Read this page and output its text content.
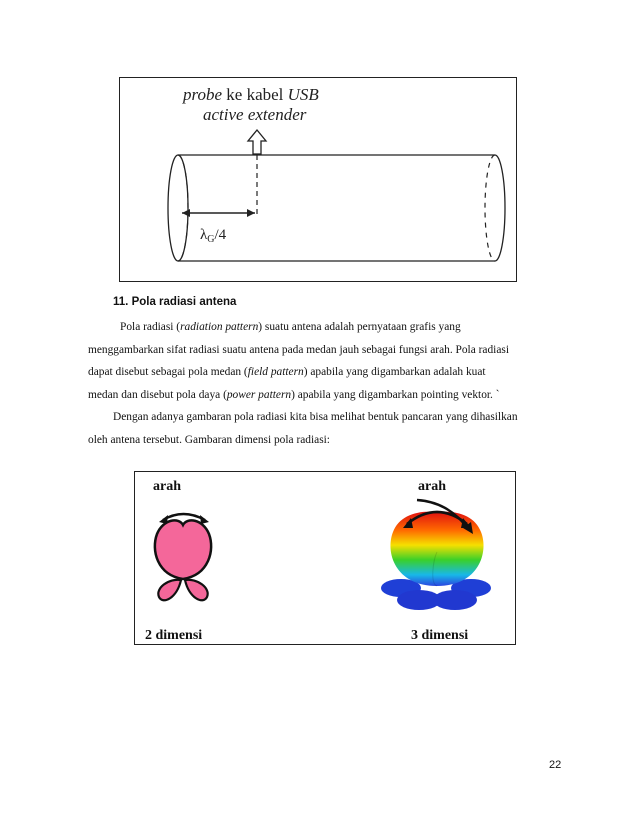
probe ke kabel USB
active extender
$\lambda_G/4$
11. Pola radiasi antena

Pola radiasi (radiation pattern) suatu antena adalah pernyataan grafis yang

menggambarkan sifat radiasi suatu antena pada medan jauh sebagai fungsi arah. Pola radiasi

dapat disebut sebagai pola medan (field pattern) apabila yang digambarkan adalah kuat

medan dan disebut pola daya (power pattern) apabila yang digambarkan pointing vektor. `

Dengan adanya gambaran pola radiasi kita bisa melihat bentuk pancaran yang dihasilkan

oleh antena tersebut. Gambaran dimensi pola radiasi:

arah
2 dimensi
arah
3 dimensi
22
